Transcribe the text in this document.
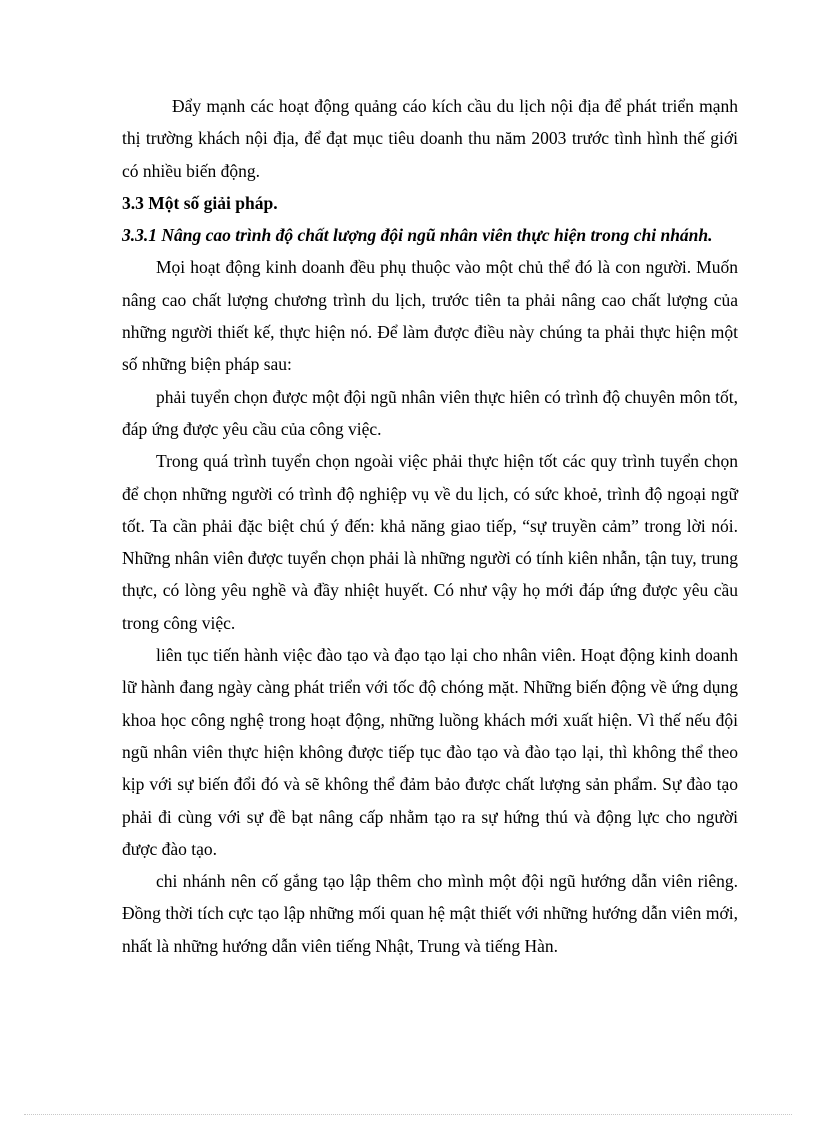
Đẩy mạnh các hoạt động quảng cáo kích cầu du lịch nội địa để phát triển mạnh thị trường khách nội địa, để đạt mục tiêu doanh thu năm 2003 trước tình hình thế giới có nhiều biến động.

3.3 Một số giải pháp.
3.3.1 Nâng cao trình độ chất lượng đội ngũ nhân viên thực hiện trong chi nhánh.

Mọi hoạt động kinh doanh đều phụ thuộc vào một chủ thể đó là con người. Muốn nâng cao chất lượng chương trình du lịch, trước tiên ta phải nâng cao chất lượng của những người thiết kế, thực hiện nó. Để làm được điều này chúng ta phải thực hiện một số những biện pháp sau:

phải tuyển chọn được một đội ngũ nhân viên thực hiên có trình độ chuyên môn tốt, đáp ứng được yêu cầu của công việc.

Trong quá trình tuyển chọn ngoài việc phải thực hiện tốt các quy trình tuyển chọn để chọn những người có trình độ nghiệp vụ về du lịch, có sức khoẻ, trình độ ngoại ngữ tốt. Ta cần phải đặc biệt chú ý đến: khả năng giao tiếp, “sự truyền cảm” trong lời nói. Những nhân viên được tuyển chọn phải là những người có tính kiên nhẫn, tận tuy, trung thực, có lòng yêu nghề và đầy nhiệt huyết. Có như vậy họ mới đáp ứng được yêu cầu trong công việc.

liên tục tiến hành việc đào tạo và đạo tạo lại cho nhân viên. Hoạt động kinh doanh lữ hành đang ngày càng phát triển với tốc độ chóng mặt. Những biến động về ứng dụng khoa học công nghệ trong hoạt động, những luồng khách mới xuất hiện. Vì thế nếu đội ngũ nhân viên thực hiện không được tiếp tục đào tạo và đào tạo lại, thì không thể theo kịp với sự biến đổi đó và sẽ không thể đảm bảo được chất lượng sản phẩm. Sự đào tạo phải đi cùng với sự đề bạt nâng cấp nhằm tạo ra sự hứng thú và động lực cho người được đào tạo.

chi nhánh nên cố gắng tạo lập thêm cho mình một đội ngũ hướng dẫn viên riêng. Đồng thời tích cực tạo lập những mối quan hệ mật thiết với những hướng dẫn viên mới, nhất là những hướng dẫn viên tiếng Nhật, Trung và tiếng Hàn.
